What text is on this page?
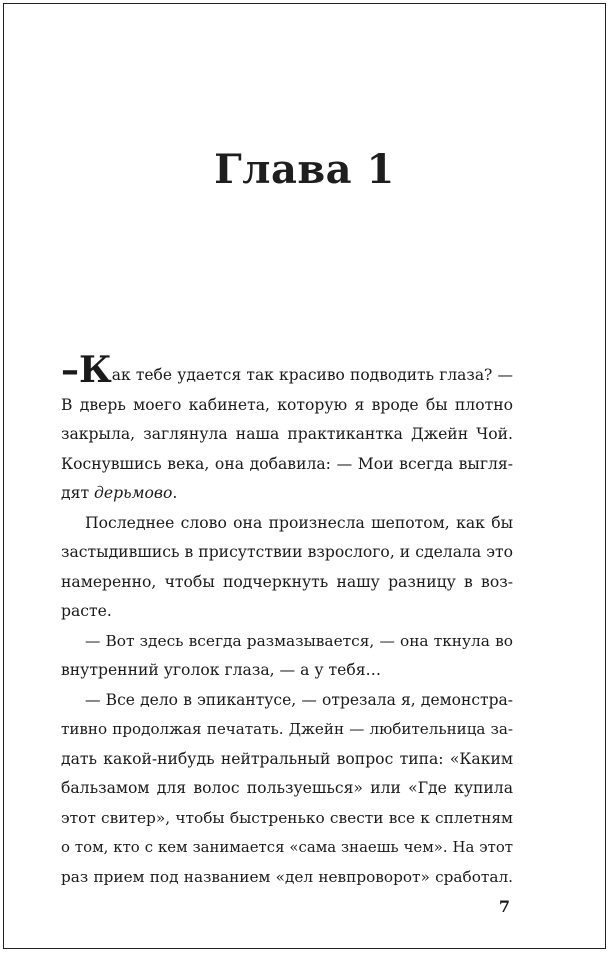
Глава 1
–Как тебе удается так красиво подводить глаза? —
В дверь моего кабинета, которую я вроде бы плотно
закрыла, заглянула наша практикантка Джейн Чой.
Коснувшись века, она добавила: — Мои всегда выгля-
дят дерьмово.
Последнее слово она произнесла шепотом, как бы
застыдившись в присутствии взрослого, и сделала это
намеренно, чтобы подчеркнуть нашу разницу в воз-
расте.
— Вот здесь всегда размазывается, — она ткнула во
внутренний уголок глаза, — а у тебя…
— Все дело в эпикантусе, — отрезала я, демонстра-
тивно продолжая печатать. Джейн — любительница за-
дать какой-нибудь нейтральный вопрос типа: «Каким
бальзамом для волос пользуешься» или «Где купила
этот свитер», чтобы быстренько свести все к сплетням
о том, кто с кем занимается «сама знаешь чем». На этот
раз прием под названием «дел невпроворот» сработал.
7
